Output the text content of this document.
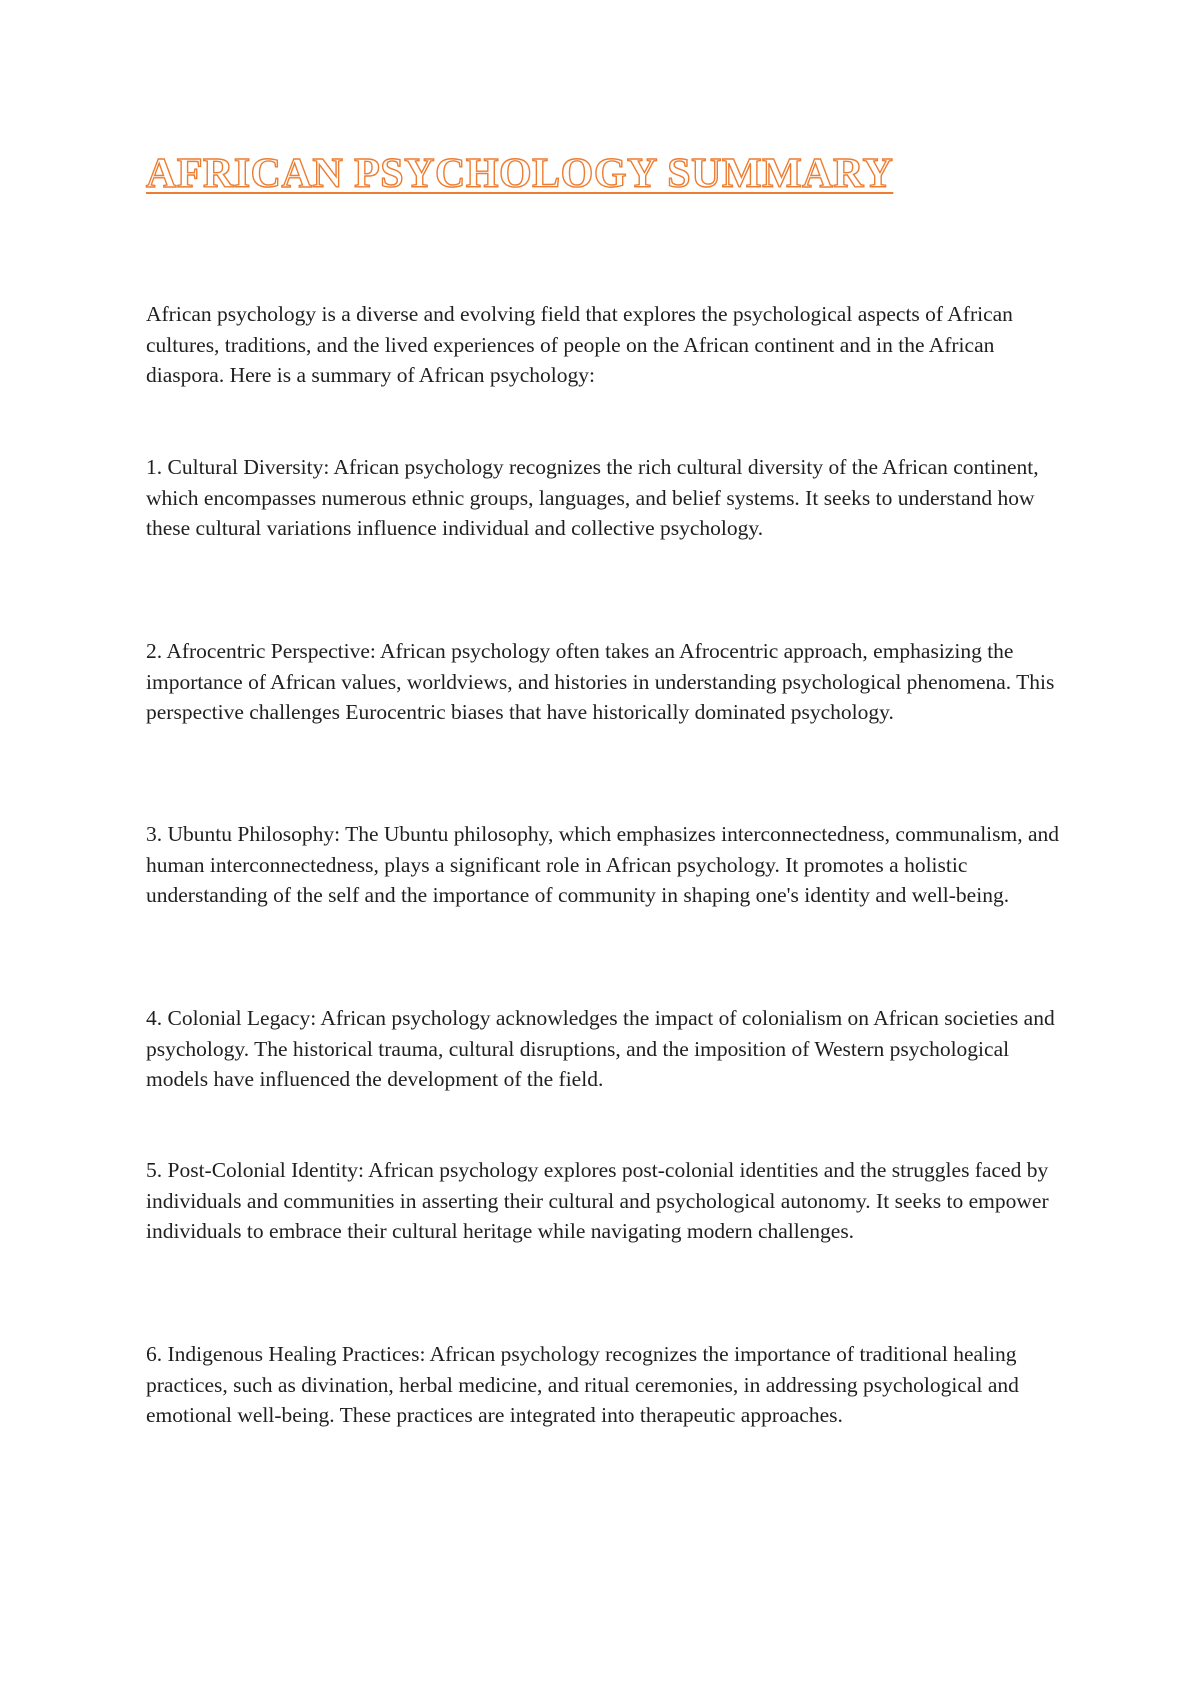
AFRICAN PSYCHOLOGY SUMMARY

African psychology is a diverse and evolving field that explores the psychological aspects of African cultures, traditions, and the lived experiences of people on the African continent and in the African diaspora. Here is a summary of African psychology:

1. Cultural Diversity: African psychology recognizes the rich cultural diversity of the African continent, which encompasses numerous ethnic groups, languages, and belief systems. It seeks to understand how these cultural variations influence individual and collective psychology.

2. Afrocentric Perspective: African psychology often takes an Afrocentric approach, emphasizing the importance of African values, worldviews, and histories in understanding psychological phenomena. This perspective challenges Eurocentric biases that have historically dominated psychology.

3. Ubuntu Philosophy: The Ubuntu philosophy, which emphasizes interconnectedness, communalism, and human interconnectedness, plays a significant role in African psychology. It promotes a holistic understanding of the self and the importance of community in shaping one's identity and well-being.

4. Colonial Legacy: African psychology acknowledges the impact of colonialism on African societies and psychology. The historical trauma, cultural disruptions, and the imposition of Western psychological models have influenced the development of the field.

5. Post-Colonial Identity: African psychology explores post-colonial identities and the struggles faced by individuals and communities in asserting their cultural and psychological autonomy. It seeks to empower individuals to embrace their cultural heritage while navigating modern challenges.

6. Indigenous Healing Practices: African psychology recognizes the importance of traditional healing practices, such as divination, herbal medicine, and ritual ceremonies, in addressing psychological and emotional well-being. These practices are integrated into therapeutic approaches.
